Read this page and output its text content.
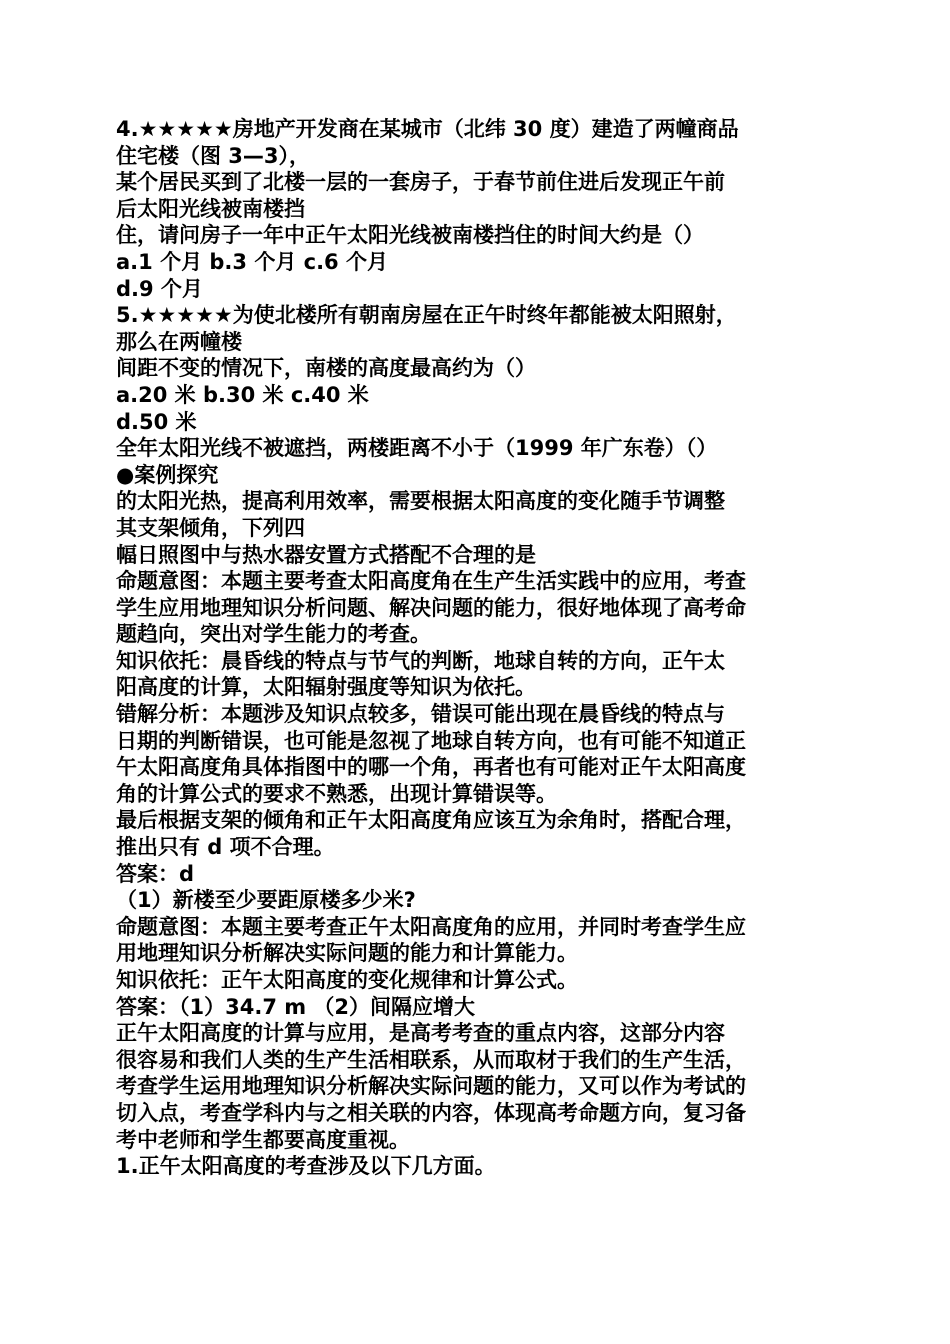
4.★★★★★房地产开发商在某城市（北纬 30 度）建造了两幢商品
住宅楼（图 3—3），
某个居民买到了北楼一层的一套房子，于春节前住进后发现正午前
后太阳光线被南楼挡
住，请问房子一年中正午太阳光线被南楼挡住的时间大约是（）
a.1 个月 b.3 个月 c.6 个月
d.9 个月
5.★★★★★为使北楼所有朝南房屋在正午时终年都能被太阳照射，
那么在两幢楼
间距不变的情况下，南楼的高度最高约为（）
a.20 米 b.30 米 c.40 米
d.50 米
全年太阳光线不被遮挡，两楼距离不小于（1999 年广东卷）（）
●案例探究
的太阳光热，提高利用效率，需要根据太阳高度的变化随手节调整
其支架倾角，下列四
幅日照图中与热水器安置方式搭配不合理的是
命题意图：本题主要考查太阳高度角在生产生活实践中的应用，考查
学生应用地理知识分析问题、解决问题的能力，很好地体现了高考命
题趋向，突出对学生能力的考查。
知识依托：晨昏线的特点与节气的判断，地球自转的方向，正午太
阳高度的计算，太阳辐射强度等知识为依托。
错解分析：本题涉及知识点较多，错误可能出现在晨昏线的特点与
日期的判断错误，也可能是忽视了地球自转方向，也有可能不知道正
午太阳高度角具体指图中的哪一个角，再者也有可能对正午太阳高度
角的计算公式的要求不熟悉，出现计算错误等。
最后根据支架的倾角和正午太阳高度角应该互为余角时，搭配合理，
推出只有 d 项不合理。
答案：d
（1）新楼至少要距原楼多少米?
命题意图：本题主要考查正午太阳高度角的应用，并同时考查学生应
用地理知识分析解决实际问题的能力和计算能力。
知识依托：正午太阳高度的变化规律和计算公式。
答案：（1）34.7 m （2）间隔应增大
正午太阳高度的计算与应用，是高考考查的重点内容，这部分内容
很容易和我们人类的生产生活相联系，从而取材于我们的生产生活，
考查学生运用地理知识分析解决实际问题的能力，又可以作为考试的
切入点，考查学科内与之相关联的内容，体现高考命题方向，复习备
考中老师和学生都要高度重视。
1.正午太阳高度的考查涉及以下几方面。
